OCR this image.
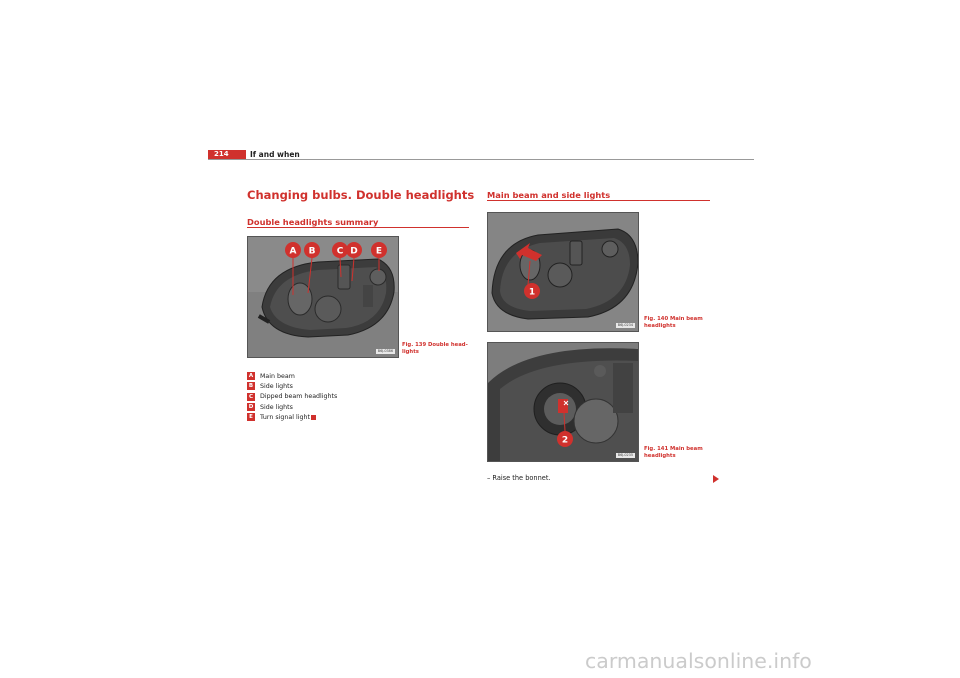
214	If and when
Changing bulbs. Double headlights
Double headlights summary
A B C D E
B6J-0386
Fig. 139 Double head-
lights
A Main beam
B	Side lights
C	Dipped beam headlights
D Side lights
E	Turn signal light
Main beam and side lights
1
B6J-0234
Fig. 140 Main beam
headlights
2
B6J-0235
Fig. 141 Main beam
headlights
– Raise the bonnet.
carmanualsonline.info
